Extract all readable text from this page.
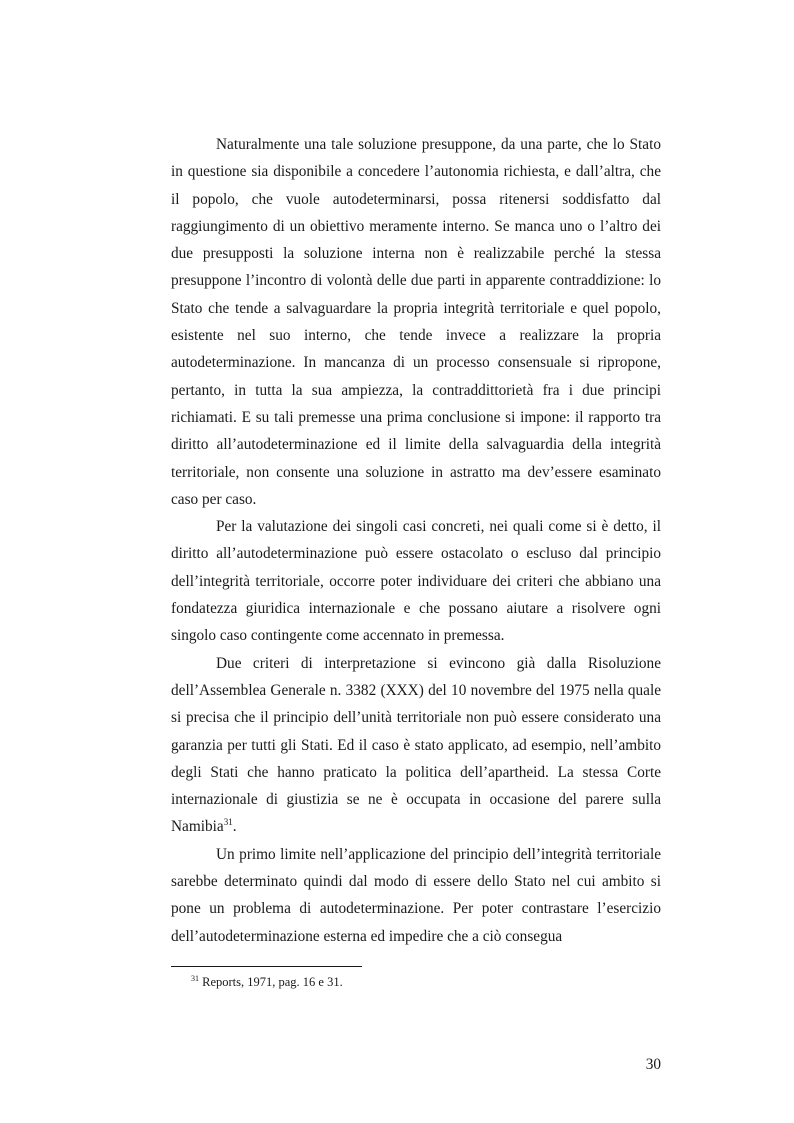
Naturalmente una tale soluzione presuppone, da una parte, che lo Stato in questione sia disponibile a concedere l’autonomia richiesta, e dall’altra, che il popolo, che vuole autodeterminarsi, possa ritenersi soddisfatto dal raggiungimento di un obiettivo meramente interno. Se manca uno o l’altro dei due presupposti la soluzione interna non è realizzabile perché la stessa presuppone l’incontro di volontà delle due parti in apparente contraddizione: lo Stato che tende a salvaguardare la propria integrità territoriale e quel popolo, esistente nel suo interno, che tende invece a realizzare la propria autodeterminazione. In mancanza di un processo consensuale si ripropone, pertanto, in tutta la sua ampiezza, la contraddittorietà fra i due principi richiamati. E su tali premesse una prima conclusione si impone: il rapporto tra diritto all’autodeterminazione ed il limite della salvaguardia della integrità territoriale, non consente una soluzione in astratto ma dev’essere esaminato caso per caso.

Per la valutazione dei singoli casi concreti, nei quali come si è detto, il diritto all’autodeterminazione può essere ostacolato o escluso dal principio dell’integrità territoriale, occorre poter individuare dei criteri che abbiano una fondatezza giuridica internazionale e che possano aiutare a risolvere ogni singolo caso contingente come accennato in premessa.

Due criteri di interpretazione si evincono già dalla Risoluzione dell’Assemblea Generale n. 3382 (XXX) del 10 novembre del 1975 nella quale si precisa che il principio dell’unità territoriale non può essere considerato una garanzia per tutti gli Stati. Ed il caso è stato applicato, ad esempio, nell’ambito degli Stati che hanno praticato la politica dell’apartheid. La stessa Corte internazionale di giustizia se ne è occupata in occasione del parere sulla Namibia$^{31}$.

Un primo limite nell’applicazione del principio dell’integrità territoriale sarebbe determinato quindi dal modo di essere dello Stato nel cui ambito si pone un problema di autodeterminazione. Per poter contrastare l’esercizio dell’autodeterminazione esterna ed impedire che a ciò consegua

$^{31}$ Reports, 1971, pag. 16 e 31.

30
